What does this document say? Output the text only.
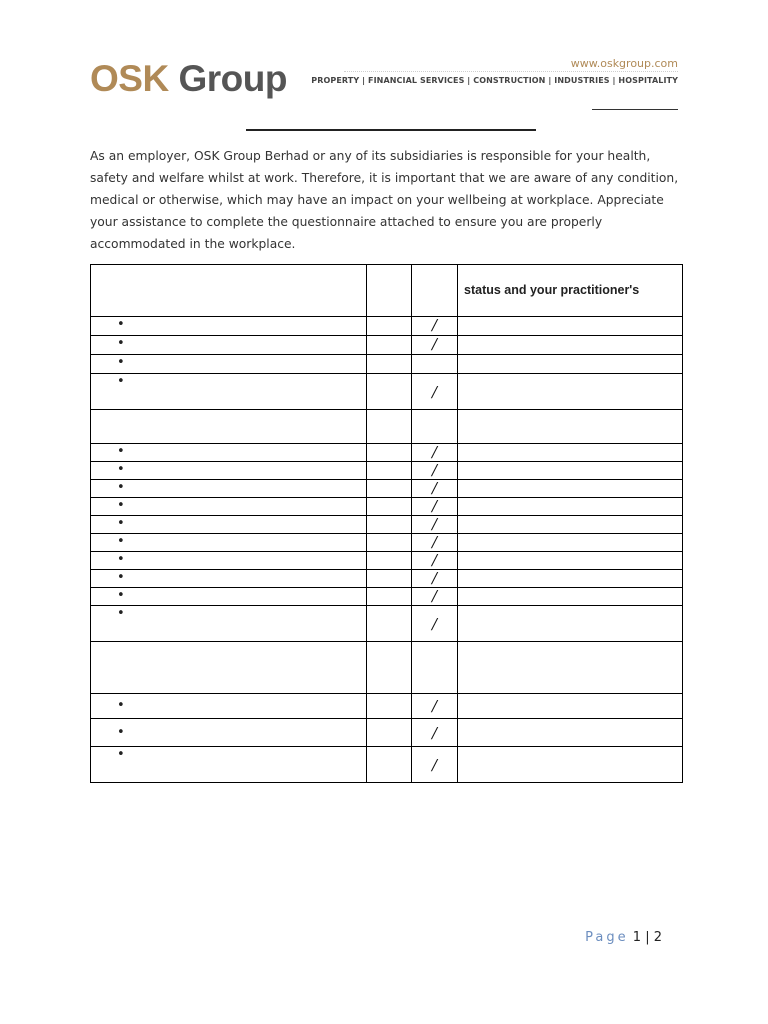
OSK Group	www.oskgroup.com
PROPERTY | FINANCIAL SERVICES | CONSTRUCTION | INDUSTRIES | HOSPITALITY
As an employer, OSK Group Berhad or any of its subsidiaries is responsible for your health, safety and welfare whilst at work. Therefore, it is important that we are aware of any condition, medical or otherwise, which may have an impact on your wellbeing at workplace. Appreciate your assistance to complete the questionnaire attached to ensure you are properly accommodated in the workplace.

			status and your practitioner's

•		/	

•		/	

•			
•		/	

•		/	

•		/	

•		/	

•		/	

•		/	

•		/	

•		/	

•		/	

•		/	

•		/	

•		/	

•		/	

•		/	

Page 1 | 2
